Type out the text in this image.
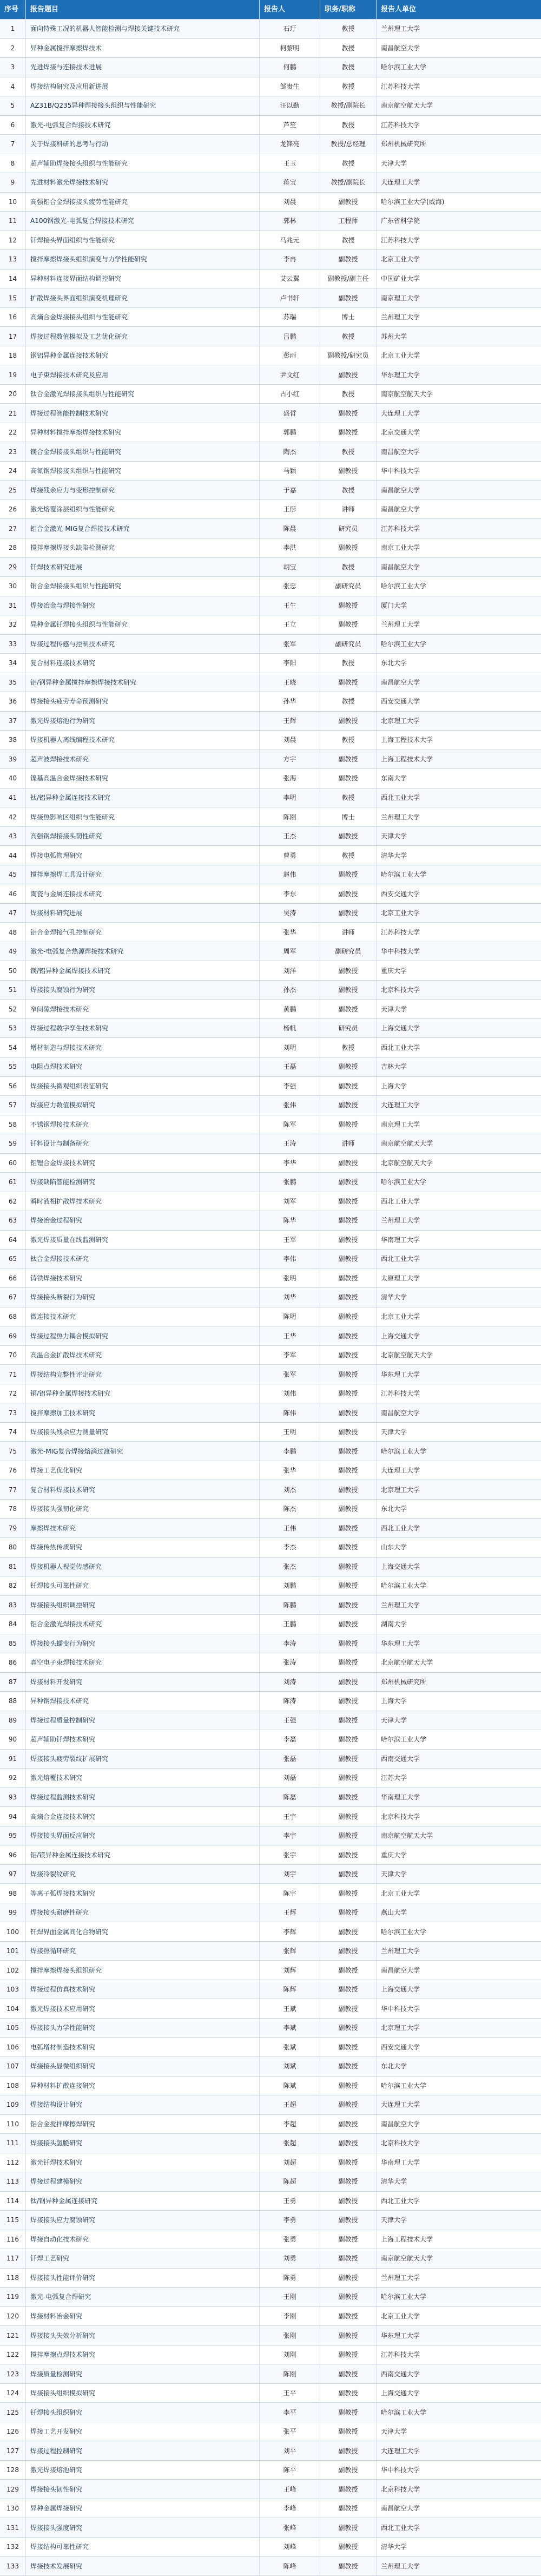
序号	报告题目	报告人	职务/职称	报告人单位
1	面向特殊工况的机器人智能检测与焊接关键技术研究	石玗	教授	兰州理工大学
2	异种金属搅拌摩擦焊技术	柯黎明	教授	南昌航空大学
3	先进焊接与连接技术进展	何鹏	教授	哈尔滨工业大学
4	焊接结构研究及应用新进展	邹贵生	教授	江苏科技大学
5	AZ31B/Q235异种焊接接头组织与性能研究	汪以勤	教授/副院长	南京航空航天大学
6	激光-电弧复合焊接技术研究	芦笙	教授	江苏科技大学
7	关于焊接科研的思考与行动	龙锋亮	教授/总经理	郑州机械研究所
8	超声辅助焊接接头组织与性能研究	王玉	教授	天津大学
9	先进材料激光焊接技术研究	蒋宝	教授/副院长	大连理工大学
10	高强铝合金焊接接头疲劳性能研究	刘晨	副教授	哈尔滨工业大学(威海)
11	A100钢激光-电弧复合焊接技术研究	郭林	工程师	广东省科学院
12	钎焊接头界面组织与性能研究	马兆元	教授	江苏科技大学
13	搅拌摩擦焊接头组织演变与力学性能研究	李冉	副教授	北京工业大学
14	异种材料连接界面结构调控研究	艾云翼	副教授/副主任	中国矿业大学
15	扩散焊接头界面组织演变机理研究	卢书轩	副教授	南京理工大学
16	高熵合金焊接接头组织与性能研究	苏瑞	博士	兰州理工大学
17	焊接过程数值模拟及工艺优化研究	吕鹏	教授	苏州大学
18	钢铝异种金属连接技术研究	彭雨	副教授/研究员	北京工业大学
19	电子束焊接技术研究及应用	尹文红	副教授	华东理工大学
20	钛合金激光焊接接头组织与性能研究	占小红	教授	南京航空航天大学
21	焊接过程智能控制技术研究	盛哲	副教授	大连理工大学
22	异种材料搅拌摩擦焊接技术研究	郭鹏	副教授	北京交通大学
23	镁合金焊接接头组织与性能研究	陶杰	教授	南昌航空大学
24	高氮钢焊接接头组织与性能研究	马颖	副教授	华中科技大学
25	焊接残余应力与变形控制研究	于嘉	教授	南昌航空大学
26	激光熔覆涂层组织与性能研究	王彤	讲师	南昌航空大学
27	铝合金激光-MIG复合焊接技术研究	陈晨	研究员	江苏科技大学
28	搅拌摩擦焊接头缺陷检测研究	李洪	副教授	南京工业大学
29	钎焊技术研究进展	胡宝	教授	南昌航空大学
30	铜合金焊接接头组织与性能研究	张忠	副研究员	哈尔滨工业大学
31	焊接冶金与焊接性研究	王生	副教授	厦门大学
32	异种金属钎焊接头组织与性能研究	王立	副教授	兰州理工大学
33	焊接过程传感与控制技术研究	张军	副研究员	哈尔滨工业大学
34	复合材料连接技术研究	李阳	教授	东北大学
35	铝/钢异种金属搅拌摩擦焊接技术研究	王晓	副教授	南昌航空大学
36	焊接接头疲劳寿命预测研究	孙华	教授	西安交通大学
37	激光焊接熔池行为研究	王辉	副教授	北京理工大学
38	焊接机器人离线编程技术研究	刘晨	教授	上海工程技术大学
39	超声波焊接技术研究	方宇	副教授	上海工程技术大学
40	镍基高温合金焊接技术研究	张海	副教授	东南大学
41	钛/铝异种金属连接技术研究	李明	教授	西北工业大学
42	焊接热影响区组织与性能研究	陈刚	博士	兰州理工大学
43	高强钢焊接接头韧性研究	王杰	副教授	天津大学
44	焊接电弧物理研究	曹勇	教授	清华大学
45	搅拌摩擦焊工具设计研究	赵伟	副教授	哈尔滨工业大学
46	陶瓷与金属连接技术研究	李东	副教授	西安交通大学
47	焊接材料研究进展	吴涛	副教授	北京工业大学
48	铝合金焊接气孔控制研究	张华	讲师	江苏科技大学
49	激光-电弧复合热源焊接技术研究	周军	副研究员	华中科技大学
50	镁/铝异种金属焊接技术研究	刘洋	副教授	重庆大学
51	焊接接头腐蚀行为研究	孙杰	副教授	北京科技大学
52	窄间隙焊接技术研究	黄鹏	副教授	天津大学
53	焊接过程数字孪生技术研究	杨帆	研究员	上海交通大学
54	增材制造与焊接技术研究	刘明	教授	西北工业大学
55	电阻点焊技术研究	王磊	副教授	吉林大学
56	焊接接头微观组织表征研究	李强	副教授	上海大学
57	焊接应力数值模拟研究	张伟	副教授	大连理工大学
58	不锈钢焊接技术研究	陈军	副教授	南京理工大学
59	钎料设计与制备研究	王涛	讲师	南京航空航天大学
60	铝锂合金焊接技术研究	李华	副教授	北京航空航天大学
61	焊接缺陷智能检测研究	张鹏	副教授	哈尔滨工业大学
62	瞬时液相扩散焊技术研究	刘军	副教授	西北工业大学
63	焊接冶金过程研究	陈华	副教授	兰州理工大学
64	激光焊接质量在线监测研究	王军	副教授	华南理工大学
65	钛合金焊接技术研究	李伟	副教授	西北工业大学
66	铸铁焊接技术研究	张明	副教授	太原理工大学
67	焊接接头断裂行为研究	刘华	副教授	清华大学
68	微连接技术研究	陈明	副教授	北京工业大学
69	焊接过程热力耦合模拟研究	王华	副教授	上海交通大学
70	高温合金扩散焊技术研究	李军	副教授	北京航空航天大学
71	焊接结构完整性评定研究	张军	副教授	华东理工大学
72	铜/铝异种金属焊接技术研究	刘伟	副教授	江苏科技大学
73	搅拌摩擦加工技术研究	陈伟	副教授	南昌航空大学
74	焊接接头残余应力测量研究	王明	副教授	天津大学
75	激光-MIG复合焊接熔滴过渡研究	李鹏	副教授	哈尔滨工业大学
76	焊接工艺优化研究	张华	副教授	大连理工大学
77	复合材料焊接技术研究	刘杰	副教授	北京理工大学
78	焊接接头强韧化研究	陈杰	副教授	东北大学
79	摩擦焊技术研究	王伟	副教授	西北工业大学
80	焊接传热传质研究	李杰	副教授	山东大学
81	焊接机器人视觉传感研究	张杰	副教授	上海交通大学
82	钎焊接头可靠性研究	刘鹏	副教授	哈尔滨工业大学
83	焊接接头组织调控研究	陈鹏	副教授	兰州理工大学
84	铝合金激光焊接技术研究	王鹏	副教授	湖南大学
85	焊接接头蠕变行为研究	李涛	副教授	华东理工大学
86	真空电子束焊接技术研究	张涛	副教授	北京航空航天大学
87	焊接材料开发研究	刘涛	副教授	郑州机械研究所
88	异种钢焊接技术研究	陈涛	副教授	上海大学
89	焊接过程质量控制研究	王强	副教授	天津大学
90	超声辅助钎焊技术研究	李磊	副教授	哈尔滨工业大学
91	焊接接头疲劳裂纹扩展研究	张磊	副教授	西南交通大学
92	激光熔覆技术研究	刘磊	副教授	江苏大学
93	焊接过程监测技术研究	陈磊	副教授	华南理工大学
94	高熵合金连接技术研究	王宇	副教授	北京科技大学
95	焊接接头界面反应研究	李宇	副教授	南京航空航天大学
96	铝/镁异种金属连接技术研究	张宇	副教授	重庆大学
97	焊接冷裂纹研究	刘宇	副教授	天津大学
98	等离子弧焊接技术研究	陈宇	副教授	北京工业大学
99	焊接接头耐磨性研究	王辉	副教授	燕山大学
100	钎焊界面金属间化合物研究	李辉	副教授	哈尔滨工业大学
101	焊接热循环研究	张辉	副教授	兰州理工大学
102	搅拌摩擦焊接头组织研究	刘辉	副教授	南昌航空大学
103	焊接过程仿真技术研究	陈辉	副教授	上海交通大学
104	激光焊接技术应用研究	王斌	副教授	华中科技大学
105	焊接接头力学性能研究	李斌	副教授	北京理工大学
106	电弧增材制造技术研究	张斌	副教授	西安交通大学
107	焊接接头显微组织研究	刘斌	副教授	东北大学
108	异种材料扩散连接研究	陈斌	副教授	哈尔滨工业大学
109	焊接结构设计研究	王超	副教授	大连理工大学
110	铝合金搅拌摩擦焊研究	李超	副教授	南昌航空大学
111	焊接接头氢脆研究	张超	副教授	北京科技大学
112	激光钎焊技术研究	刘超	副教授	华南理工大学
113	焊接过程建模研究	陈超	副教授	清华大学
114	钛/钢异种金属连接研究	王勇	副教授	西北工业大学
115	焊接接头应力腐蚀研究	李勇	副教授	天津大学
116	焊接自动化技术研究	张勇	副教授	上海工程技术大学
117	钎焊工艺研究	刘勇	副教授	南京航空航天大学
118	焊接接头性能评价研究	陈勇	副教授	兰州理工大学
119	激光-电弧复合焊研究	王刚	副教授	哈尔滨工业大学
120	焊接材料冶金研究	李刚	副教授	北京工业大学
121	焊接接头失效分析研究	张刚	副教授	华东理工大学
122	搅拌摩擦点焊技术研究	刘刚	副教授	江苏科技大学
123	焊接质量检测研究	陈刚	副教授	西南交通大学
124	焊接接头组织模拟研究	王平	副教授	上海交通大学
125	钎焊接头组织研究	李平	副教授	哈尔滨工业大学
126	焊接工艺开发研究	张平	副教授	天津大学
127	焊接过程控制研究	刘平	副教授	大连理工大学
128	激光焊接熔池研究	陈平	副教授	华中科技大学
129	焊接接头韧性研究	王峰	副教授	北京科技大学
130	异种金属焊接研究	李峰	副教授	南昌航空大学
131	焊接接头强度研究	张峰	副教授	西北工业大学
132	焊接结构可靠性研究	刘峰	副教授	清华大学
133	焊接技术发展研究	陈峰	副教授	兰州理工大学
